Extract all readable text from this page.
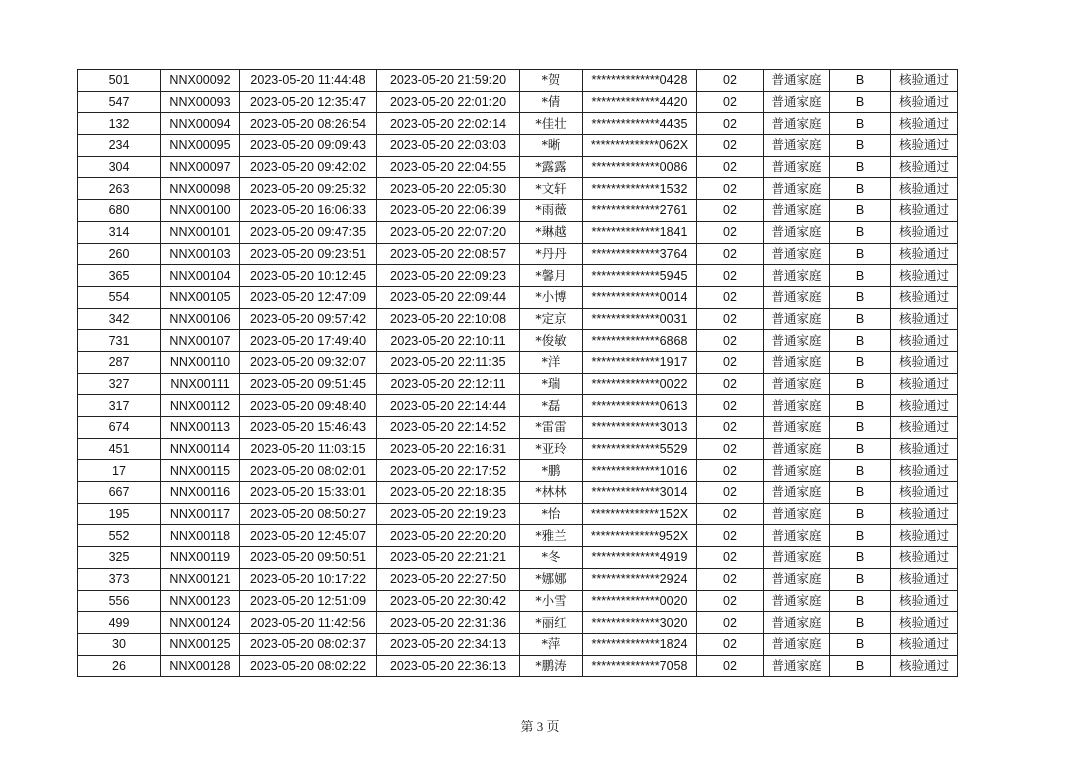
501	NNX00092	2023-05-20 11:44:48	2023-05-20 21:59:20	*贺	**************0428	02	普通家庭	B	核验通过
547	NNX00093	2023-05-20 12:35:47	2023-05-20 22:01:20	*倩	**************4420	02	普通家庭	B	核验通过
132	NNX00094	2023-05-20 08:26:54	2023-05-20 22:02:14	*佳壮	**************4435	02	普通家庭	B	核验通过
234	NNX00095	2023-05-20 09:09:43	2023-05-20 22:03:03	*晰	**************062X	02	普通家庭	B	核验通过
304	NNX00097	2023-05-20 09:42:02	2023-05-20 22:04:55	*露露	**************0086	02	普通家庭	B	核验通过
263	NNX00098	2023-05-20 09:25:32	2023-05-20 22:05:30	*文轩	**************1532	02	普通家庭	B	核验通过
680	NNX00100	2023-05-20 16:06:33	2023-05-20 22:06:39	*雨薇	**************2761	02	普通家庭	B	核验通过
314	NNX00101	2023-05-20 09:47:35	2023-05-20 22:07:20	*琳越	**************1841	02	普通家庭	B	核验通过
260	NNX00103	2023-05-20 09:23:51	2023-05-20 22:08:57	*丹丹	**************3764	02	普通家庭	B	核验通过
365	NNX00104	2023-05-20 10:12:45	2023-05-20 22:09:23	*馨月	**************5945	02	普通家庭	B	核验通过
554	NNX00105	2023-05-20 12:47:09	2023-05-20 22:09:44	*小博	**************0014	02	普通家庭	B	核验通过
342	NNX00106	2023-05-20 09:57:42	2023-05-20 22:10:08	*定京	**************0031	02	普通家庭	B	核验通过
731	NNX00107	2023-05-20 17:49:40	2023-05-20 22:10:11	*俊敏	**************6868	02	普通家庭	B	核验通过
287	NNX00110	2023-05-20 09:32:07	2023-05-20 22:11:35	*洋	**************1917	02	普通家庭	B	核验通过
327	NNX00111	2023-05-20 09:51:45	2023-05-20 22:12:11	*瑞	**************0022	02	普通家庭	B	核验通过
317	NNX00112	2023-05-20 09:48:40	2023-05-20 22:14:44	*磊	**************0613	02	普通家庭	B	核验通过
674	NNX00113	2023-05-20 15:46:43	2023-05-20 22:14:52	*雷雷	**************3013	02	普通家庭	B	核验通过
451	NNX00114	2023-05-20 11:03:15	2023-05-20 22:16:31	*亚玲	**************5529	02	普通家庭	B	核验通过
17	NNX00115	2023-05-20 08:02:01	2023-05-20 22:17:52	*鹏	**************1016	02	普通家庭	B	核验通过
667	NNX00116	2023-05-20 15:33:01	2023-05-20 22:18:35	*林林	**************3014	02	普通家庭	B	核验通过
195	NNX00117	2023-05-20 08:50:27	2023-05-20 22:19:23	*怡	**************152X	02	普通家庭	B	核验通过
552	NNX00118	2023-05-20 12:45:07	2023-05-20 22:20:20	*雅兰	**************952X	02	普通家庭	B	核验通过
325	NNX00119	2023-05-20 09:50:51	2023-05-20 22:21:21	*冬	**************4919	02	普通家庭	B	核验通过
373	NNX00121	2023-05-20 10:17:22	2023-05-20 22:27:50	*娜娜	**************2924	02	普通家庭	B	核验通过
556	NNX00123	2023-05-20 12:51:09	2023-05-20 22:30:42	*小雪	**************0020	02	普通家庭	B	核验通过
499	NNX00124	2023-05-20 11:42:56	2023-05-20 22:31:36	*丽红	**************3020	02	普通家庭	B	核验通过
30	NNX00125	2023-05-20 08:02:37	2023-05-20 22:34:13	*萍	**************1824	02	普通家庭	B	核验通过
26	NNX00128	2023-05-20 08:02:22	2023-05-20 22:36:13	*鹏涛	**************7058	02	普通家庭	B	核验通过
第 3 页
